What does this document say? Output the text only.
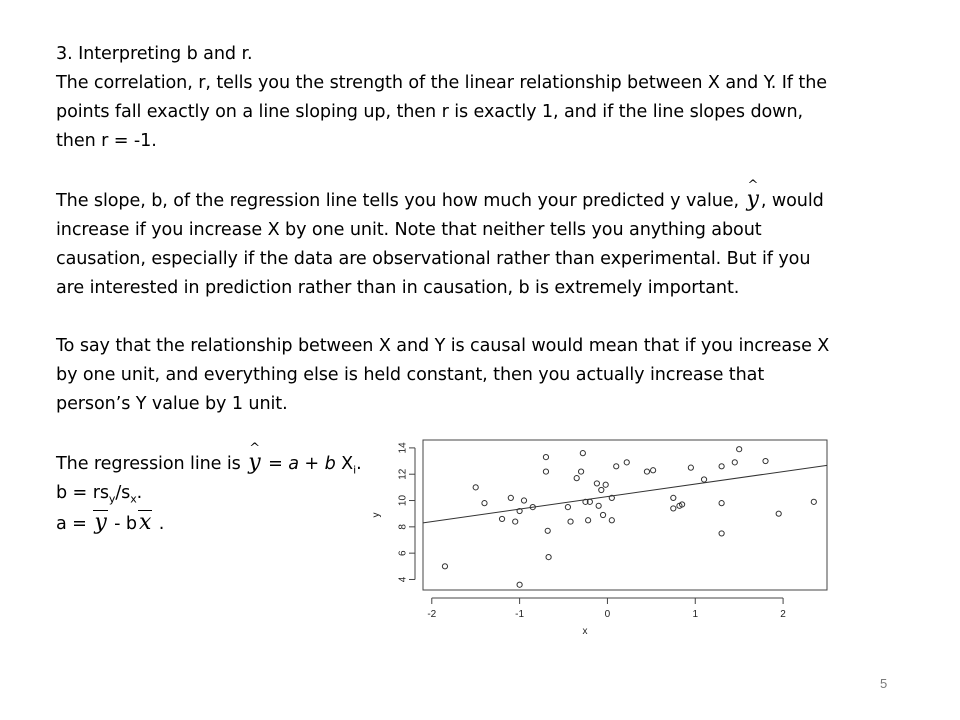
3. Interpreting b and r.
The correlation, r, tells you the strength of the linear relationship between X and Y. If the
points fall exactly on a line sloping up, then r is exactly 1, and if the line slopes down,
then r = -1.
The slope, b, of the regression line tells you how much your predicted y value, ^ y , would
increase if you increase X by one unit. Note that neither tells you anything about
causation, especially if the data are observational rather than experimental. But if you
are interested in prediction rather than in causation, b is extremely important.
To say that the relationship between X and Y is causal would mean that if you increase X
by one unit, and everything else is held constant, then you actually increase that
person’s Y value by 1 unit.
The regression line is ^ y = a + b $X_i$.
$b = rs_y/s_x$.
a = y - bx .
-2	-1	0	1	2
4
6
8
10
12
14
x
y
5
